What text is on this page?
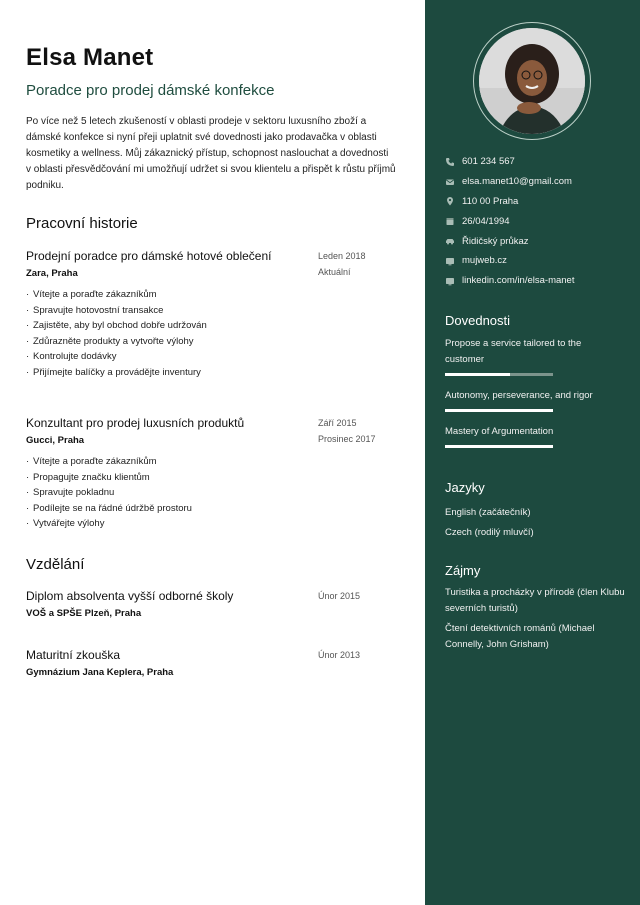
Elsa Manet
Poradce pro prodej dámské konfekce

Po více než 5 letech zkušeností v oblasti prodeje v sektoru luxusního zboží a dámské konfekce si nyní přeji uplatnit své dovednosti jako prodavačka v oblasti kosmetiky a wellness. Můj zákaznický přístup, schopnost naslouchat a dovednosti v oblasti přesvědčování mi umožňují udržet si svou klientelu a přispět k růstu příjmů podniku.

Pracovní historie
Prodejní poradce pro dámské hotové oblečení	Leden 2018
Aktuální
Zara, Praha
· Vítejte a poraďte zákazníkům
· Spravujte hotovostní transakce
· Zajistěte, aby byl obchod dobře udržován
· Zdůrazněte produkty a vytvořte výlohy
· Kontrolujte dodávky
· Přijímejte balíčky a provádějte inventury
Konzultant pro prodej luxusních produktů	Září 2015
Prosinec 2017
Gucci, Praha
· Vítejte a poraďte zákazníkům
· Propagujte značku klientům
· Spravujte pokladnu
· Podílejte se na řádné údržbě prostoru
· Vytvářejte výlohy
Vzdělání
Diplom absolventa vyšší odborné školy	Únor 2015
VOŠ a SPŠE Plzeň, Praha
Maturitní zkouška	Únor 2013
Gymnázium Jana Keplera, Praha
601 234 567
elsa.manet10@gmail.com
110 00 Praha
26/04/1994
Řidičský průkaz
mujweb.cz
linkedin.com/in/elsa-manet
Dovednosti
Propose a service tailored to the customer
Autonomy, perseverance, and rigor
Mastery of Argumentation
Jazyky
English (začátečník)
Czech (rodilý mluvčí)
Zájmy
Turistika a procházky v přírodě (člen Klubu severních turistů)
Čtení detektivních románů (Michael Connelly, John Grisham)
